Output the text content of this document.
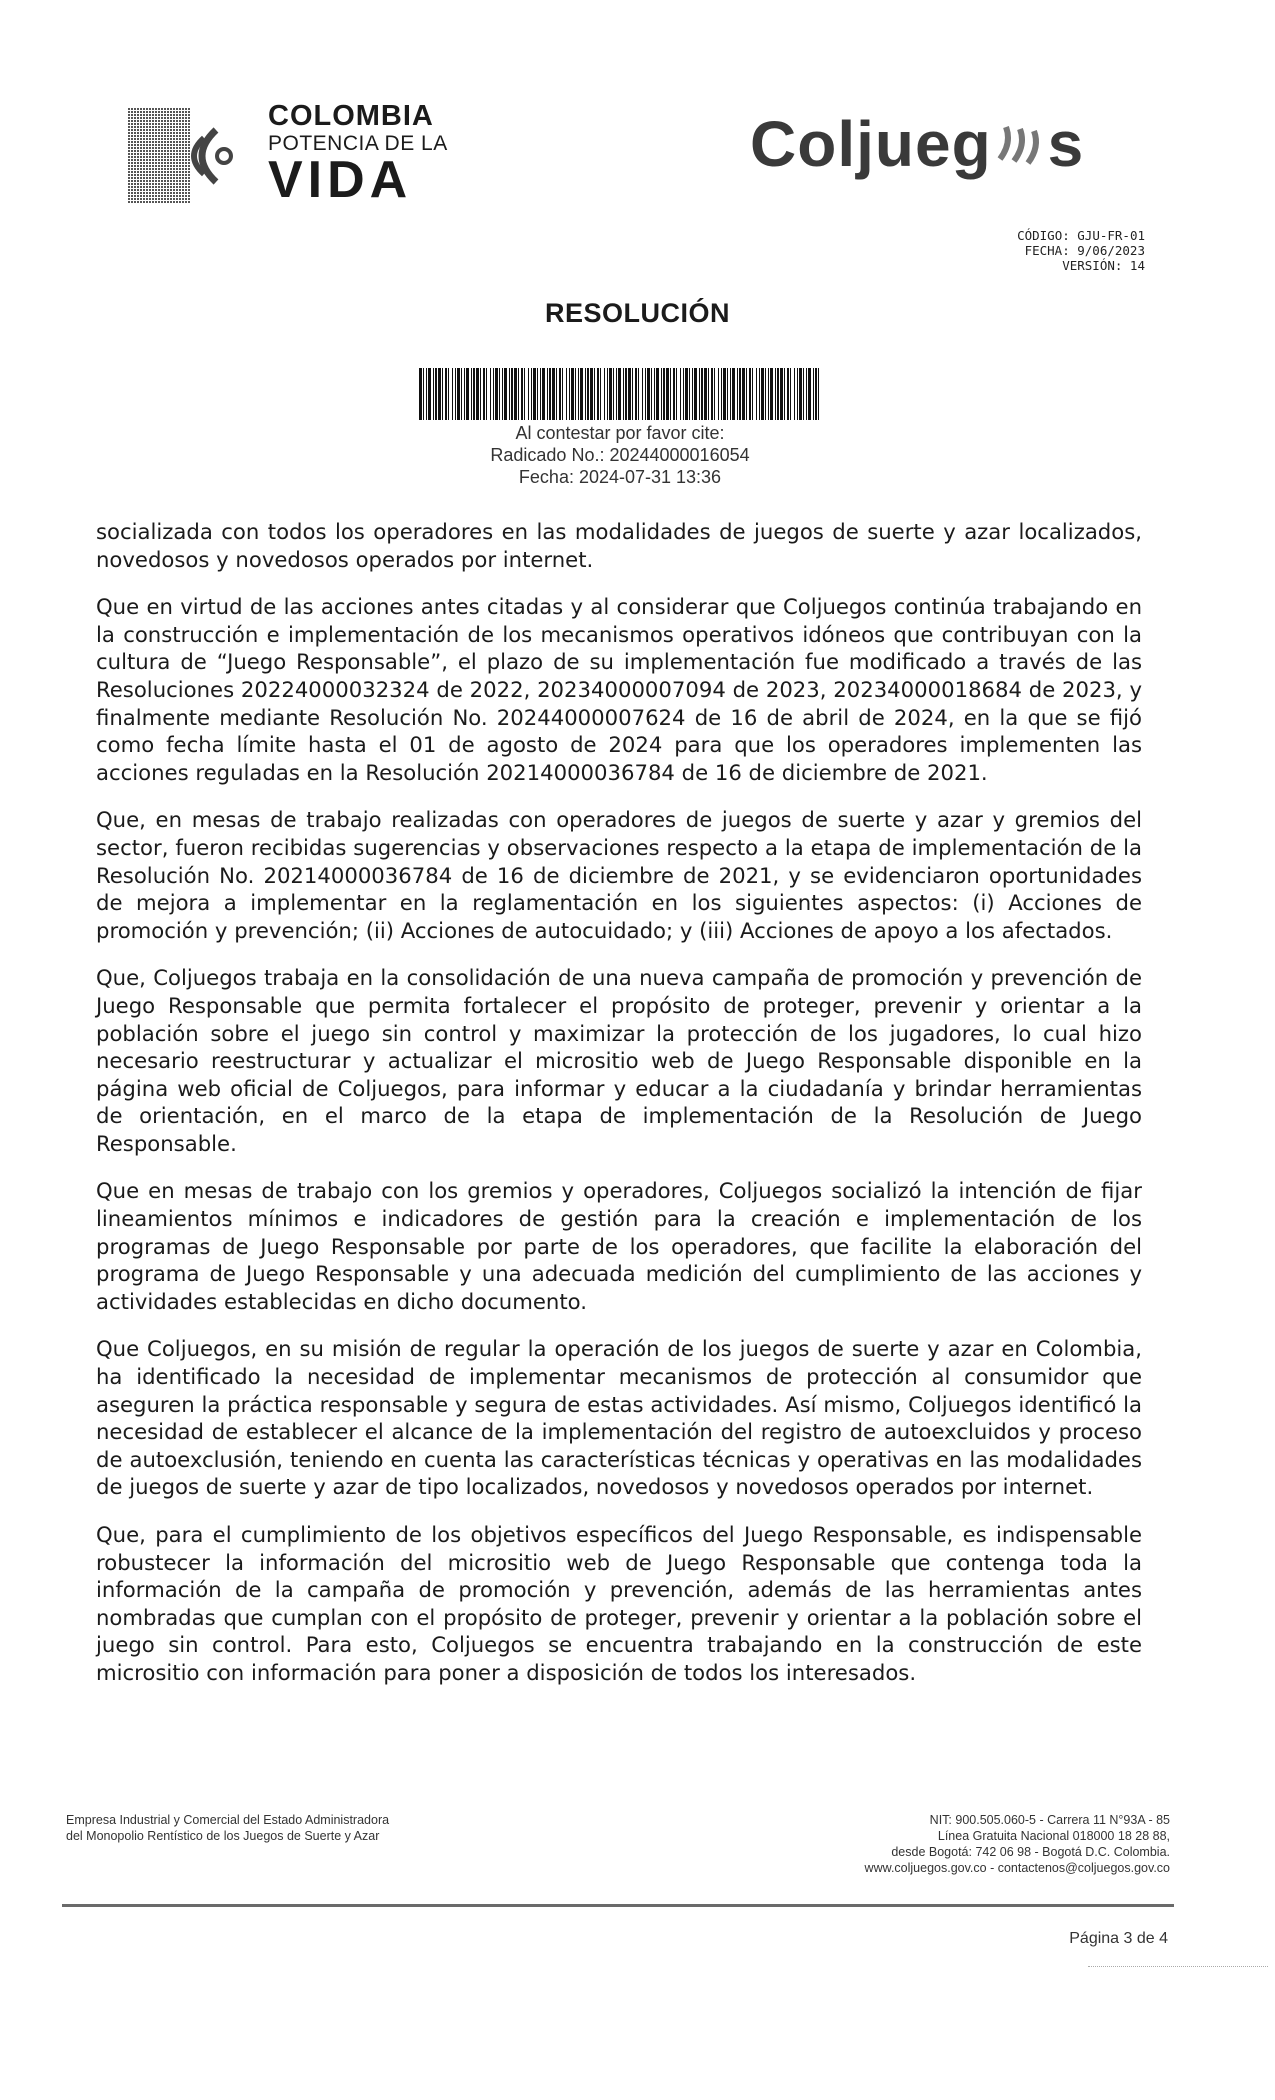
COLOMBIA
POTENCIA DE LA
VIDA	Coljueg s
CÓDIGO: GJU-FR-01
FECHA: 9/06/2023
VERSIÓN: 14
RESOLUCIÓN
Al contestar por favor cite:
Radicado No.: 20244000016054
Fecha: 2024-07-31 13:36

socializada con todos los operadores en las modalidades de juegos de suerte y azar localizados, novedosos y novedosos operados por internet.

Que en virtud de las acciones antes citadas y al considerar que Coljuegos continúa trabajando en la construcción e implementación de los mecanismos operativos idóneos que contribuyan con la cultura de “Juego Responsable”, el plazo de su implementación fue modificado a través de las Resoluciones 20224000032324 de 2022, 20234000007094 de 2023, 20234000018684 de 2023, y finalmente mediante Resolución No. 20244000007624 de 16 de abril de 2024, en la que se fijó como fecha límite hasta el 01 de agosto de 2024 para que los operadores implementen las acciones reguladas en la Resolución 20214000036784 de 16 de diciembre de 2021.

Que, en mesas de trabajo realizadas con operadores de juegos de suerte y azar y gremios del sector, fueron recibidas sugerencias y observaciones respecto a la etapa de implementación de la Resolución No. 20214000036784 de 16 de diciembre de 2021, y se evidenciaron oportunidades de mejora a implementar en la reglamentación en los siguientes aspectos: (i) Acciones de promoción y prevención; (ii) Acciones de autocuidado; y (iii) Acciones de apoyo a los afectados.

Que, Coljuegos trabaja en la consolidación de una nueva campaña de promoción y prevención de Juego Responsable que permita fortalecer el propósito de proteger, prevenir y orientar a la población sobre el juego sin control y maximizar la protección de los jugadores, lo cual hizo necesario reestructurar y actualizar el micrositio web de Juego Responsable disponible en la página web oficial de Coljuegos, para informar y educar a la ciudadanía y brindar herramientas de orientación, en el marco de la etapa de implementación de la Resolución de Juego Responsable.

Que en mesas de trabajo con los gremios y operadores, Coljuegos socializó la intención de fijar lineamientos mínimos e indicadores de gestión para la creación e implementación de los programas de Juego Responsable por parte de los operadores, que facilite la elaboración del programa de Juego Responsable y una adecuada medición del cumplimiento de las acciones y actividades establecidas en dicho documento.

Que Coljuegos, en su misión de regular la operación de los juegos de suerte y azar en Colombia, ha identificado la necesidad de implementar mecanismos de protección al consumidor que aseguren la práctica responsable y segura de estas actividades. Así mismo, Coljuegos identificó la necesidad de establecer el alcance de la implementación del registro de autoexcluidos y proceso de autoexclusión, teniendo en cuenta las características técnicas y operativas en las modalidades de juegos de suerte y azar de tipo localizados, novedosos y novedosos operados por internet.

Que, para el cumplimiento de los objetivos específicos del Juego Responsable, es indispensable robustecer la información del micrositio web de Juego Responsable que contenga toda la información de la campaña de promoción y prevención, además de las herramientas antes nombradas que cumplan con el propósito de proteger, prevenir y orientar a la población sobre el juego sin control. Para esto, Coljuegos se encuentra trabajando en la construcción de este micrositio con información para poner a disposición de todos los interesados.

Empresa Industrial y Comercial del Estado Administradora
del Monopolio Rentístico de los Juegos de Suerte y Azar
NIT: 900.505.060-5 - Carrera 11 N°93A - 85
Línea Gratuita Nacional 018000 18 28 88,
desde Bogotá: 742 06 98 - Bogotá D.C. Colombia.
www.coljuegos.gov.co - contactenos@coljuegos.gov.co
Página 3 de 4
